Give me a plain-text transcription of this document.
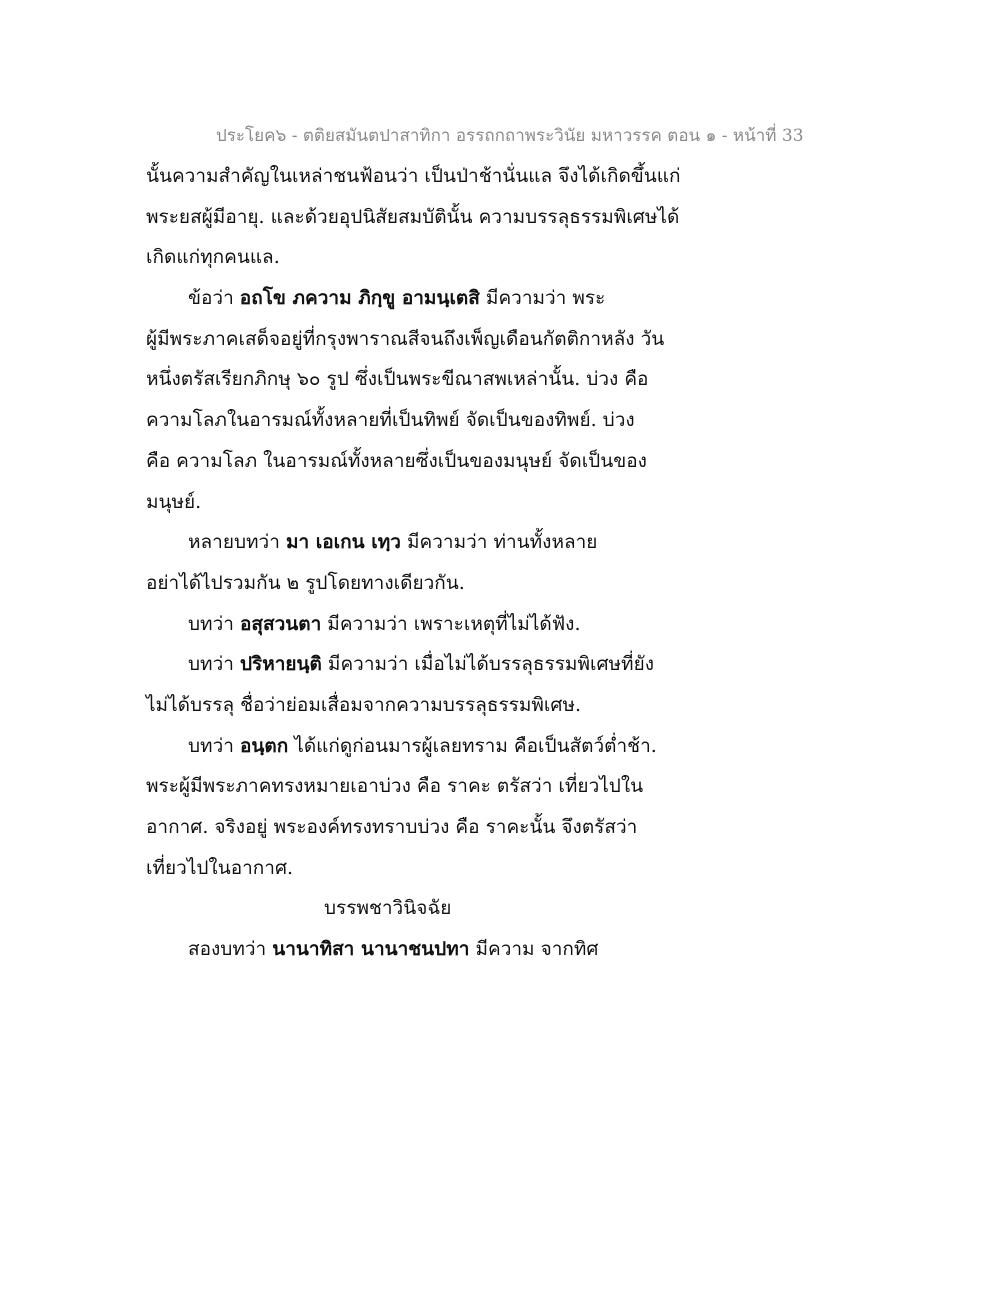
ประโยค๖ - ตติยสมันตปาสาทิกา อรรถกถาพระวินัย มหาวรรค ตอน ๑ - หน้าที่ 33
นั้นความสำคัญในเหล่าชนฟ้อนว่า เป็นป่าช้านั่นแล จึงได้เกิดขึ้นแก่
พระยสผู้มีอายุ. และด้วยอุปนิสัยสมบัตินั้น ความบรรลุธรรมพิเศษได้
เกิดแก่ทุกคนแล.
ข้อว่า อถโข ภความ ภิกฺขู อามนฺเตสิ มีความว่า พระ
ผู้มีพระภาคเสด็จอยู่ที่กรุงพาราณสีจนถึงเพ็ญเดือนกัตติกาหลัง วัน
หนึ่งตรัสเรียกภิกษุ ๖๐ รูป ซึ่งเป็นพระขีณาสพเหล่านั้น. บ่วง คือ
ความโลภในอารมณ์ทั้งหลายที่เป็นทิพย์ จัดเป็นของทิพย์. บ่วง
คือ ความโลภ ในอารมณ์ทั้งหลายซึ่งเป็นของมนุษย์ จัดเป็นของ
มนุษย์.
หลายบทว่า มา เอเกน เทฺว มีความว่า ท่านทั้งหลาย
อย่าได้ไปรวมกัน ๒ รูปโดยทางเดียวกัน.
บทว่า อสุสวนตา มีความว่า เพราะเหตุที่ไม่ได้ฟัง.
บทว่า ปริหายนฺติ มีความว่า เมื่อไม่ได้บรรลุธรรมพิเศษที่ยัง
ไม่ได้บรรลุ ชื่อว่าย่อมเสื่อมจากความบรรลุธรรมพิเศษ.
บทว่า อนฺตก ได้แก่ดูก่อนมารผู้เลยทราม คือเป็นสัตว์ต่ำช้า.
พระผู้มีพระภาคทรงหมายเอาบ่วง คือ ราคะ ตรัสว่า เที่ยวไปใน
อากาศ. จริงอยู่ พระองค์ทรงทราบบ่วง คือ ราคะนั้น จึงตรัสว่า
เที่ยวไปในอากาศ.
บรรพชาวินิจฉัย
สองบทว่า นานาทิสา นานาชนปทา มีความ จากทิศ
